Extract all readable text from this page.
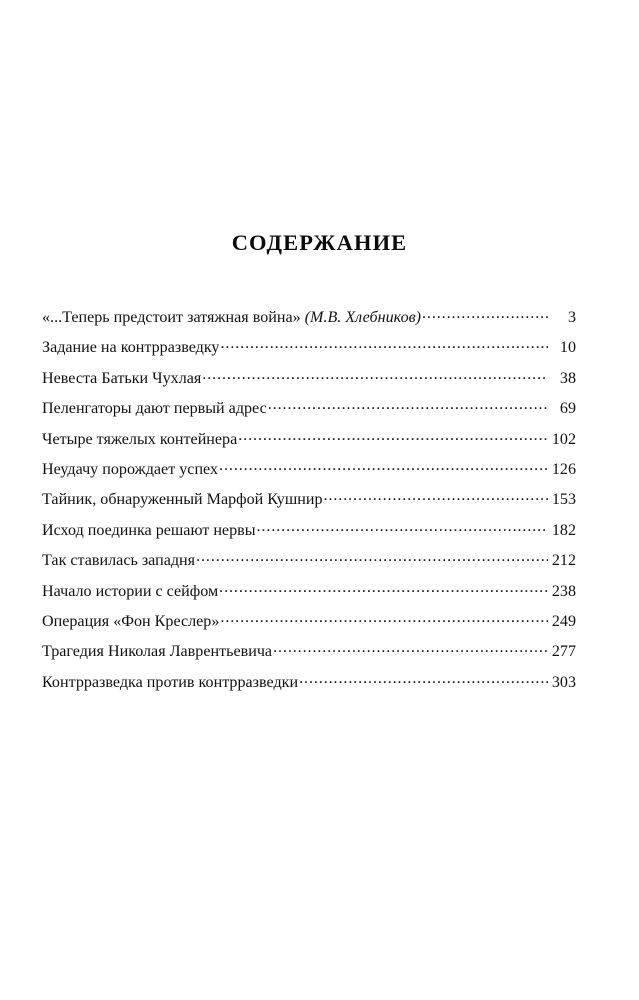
СОДЕРЖАНИЕ
«...Теперь предстоит затяжная война» (М.В. Хлебников) .....	3
Задание на контрразведку .....	10
Невеста Батьки Чухлая .....	38
Пеленгаторы дают первый адрес .....	69
Четыре тяжелых контейнера .....	102
Неудачу порождает успех .....	126
Тайник, обнаруженный Марфой Кушнир .....	153
Исход поединка решают нервы .....	182
Так ставилась западня .....	212
Начало истории с сейфом .....	238
Операция «Фон Креслер» .....	249
Трагедия Николая Лаврентьевича .....	277
Контрразведка против контрразведки .....	303
